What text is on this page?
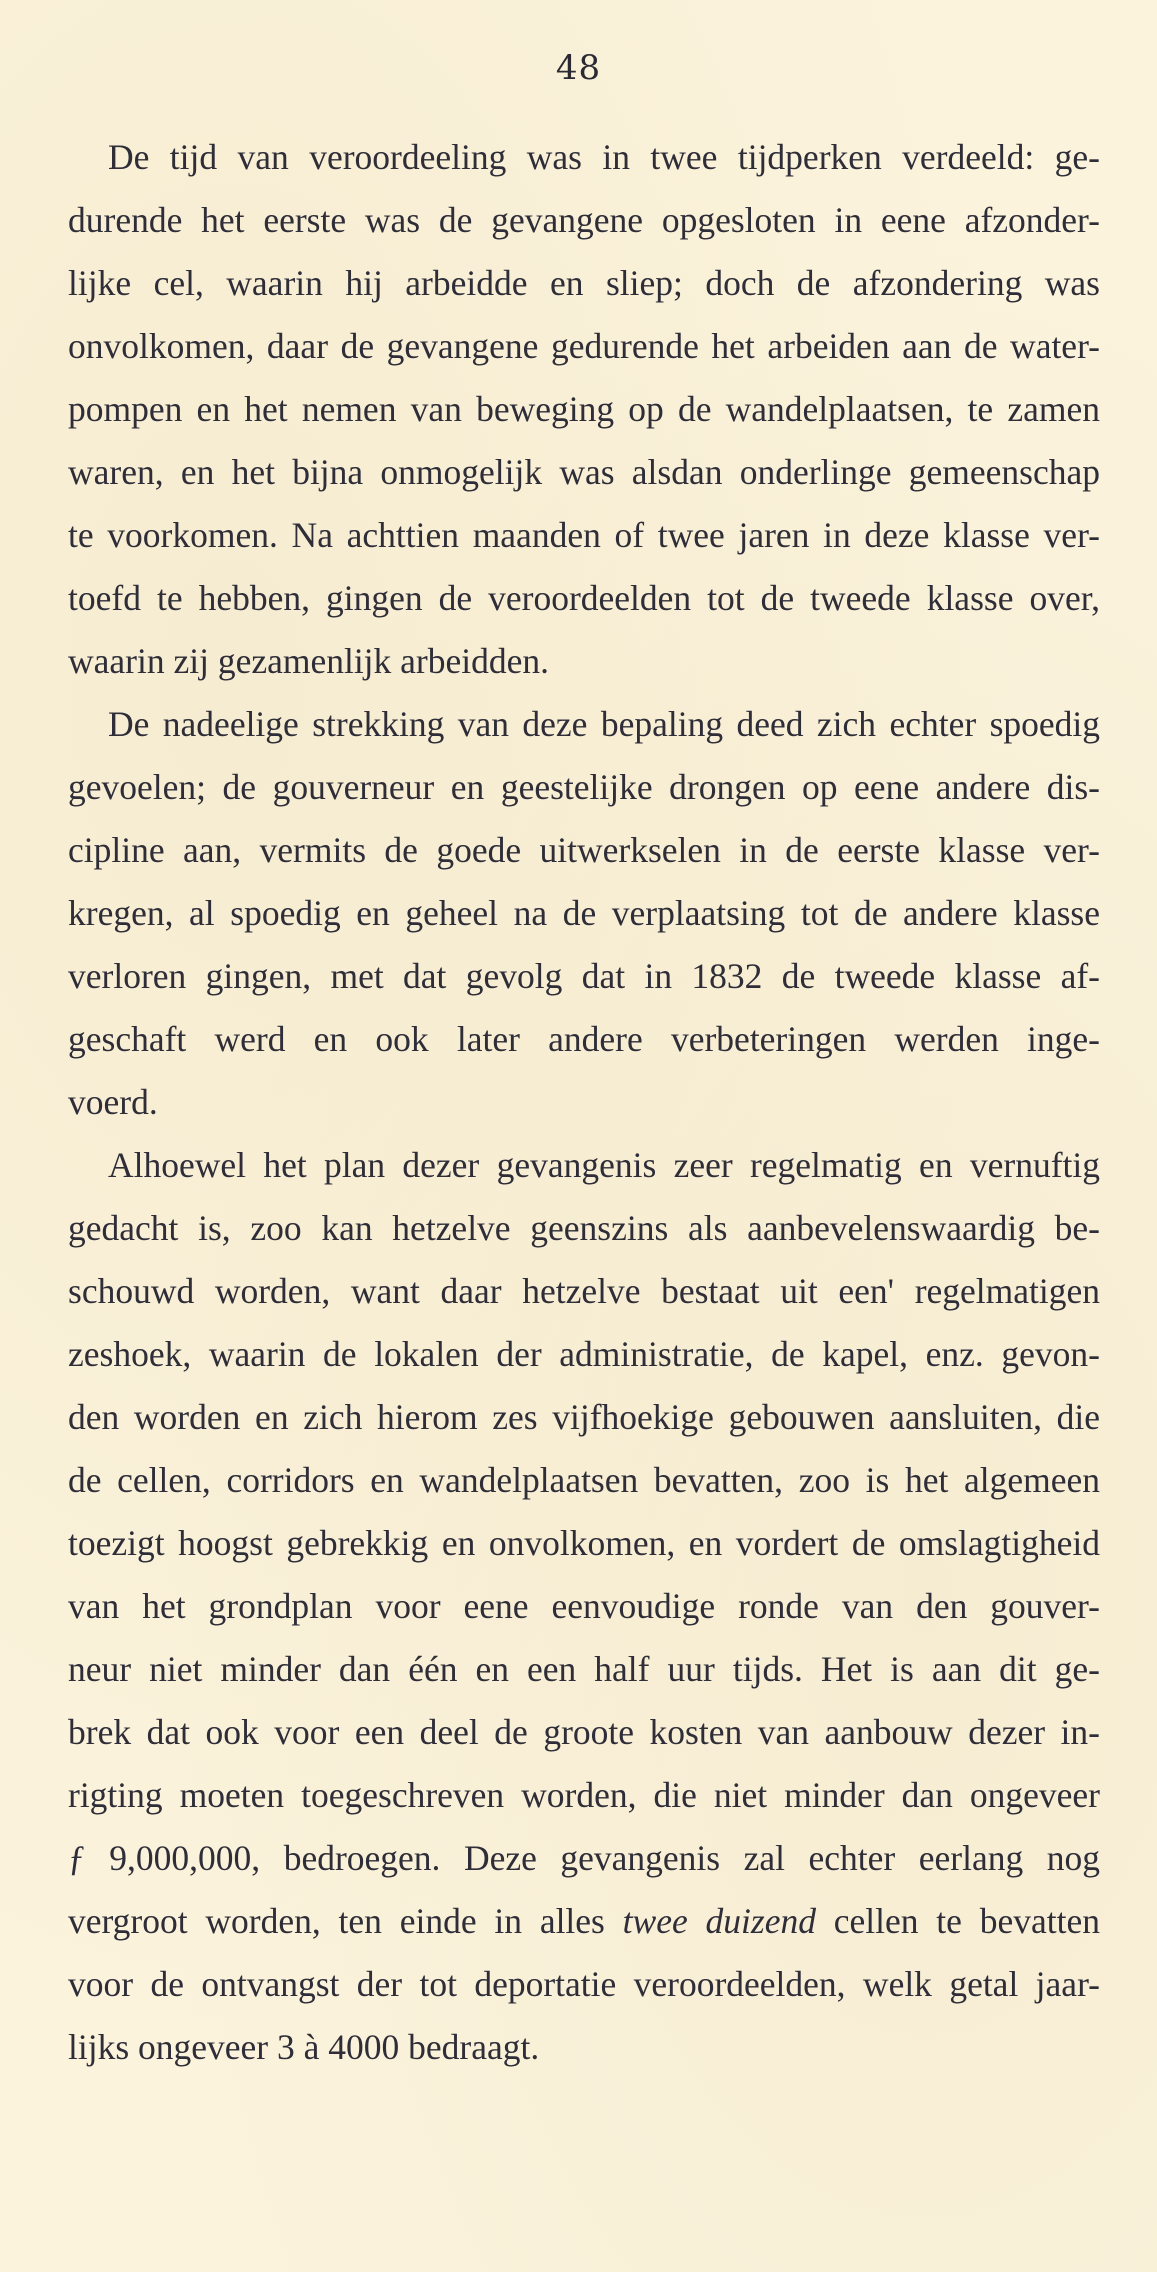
48
De tijd van veroordeeling was in twee tijdperken verdeeld: ge-
durende het eerste was de gevangene opgesloten in eene afzonder-
lijke cel, waarin hij arbeidde en sliep; doch de afzondering was
onvolkomen, daar de gevangene gedurende het arbeiden aan de water-
pompen en het nemen van beweging op de wandelplaatsen, te zamen
waren, en het bijna onmogelijk was alsdan onderlinge gemeenschap
te voorkomen. Na achttien maanden of twee jaren in deze klasse ver-
toefd te hebben, gingen de veroordeelden tot de tweede klasse over,
waarin zij gezamenlijk arbeidden.
De nadeelige strekking van deze bepaling deed zich echter spoedig
gevoelen; de gouverneur en geestelijke drongen op eene andere dis-
cipline aan, vermits de goede uitwerkselen in de eerste klasse ver-
kregen, al spoedig en geheel na de verplaatsing tot de andere klasse
verloren gingen, met dat gevolg dat in 1832 de tweede klasse af-
geschaft werd en ook later andere verbeteringen werden inge-
voerd.
Alhoewel het plan dezer gevangenis zeer regelmatig en vernuftig
gedacht is, zoo kan hetzelve geenszins als aanbevelenswaardig be-
schouwd worden, want daar hetzelve bestaat uit een' regelmatigen
zeshoek, waarin de lokalen der administratie, de kapel, enz. gevon-
den worden en zich hierom zes vijfhoekige gebouwen aansluiten, die
de cellen, corridors en wandelplaatsen bevatten, zoo is het algemeen
toezigt hoogst gebrekkig en onvolkomen, en vordert de omslagtigheid
van het grondplan voor eene eenvoudige ronde van den gouver-
neur niet minder dan één en een half uur tijds. Het is aan dit ge-
brek dat ook voor een deel de groote kosten van aanbouw dezer in-
rigting moeten toegeschreven worden, die niet minder dan ongeveer
ƒ 9,000,000, bedroegen. Deze gevangenis zal echter eerlang nog
vergroot worden, ten einde in alles twee duizend cellen te bevatten
voor de ontvangst der tot deportatie veroordeelden, welk getal jaar-
lijks ongeveer 3 à 4000 bedraagt.
